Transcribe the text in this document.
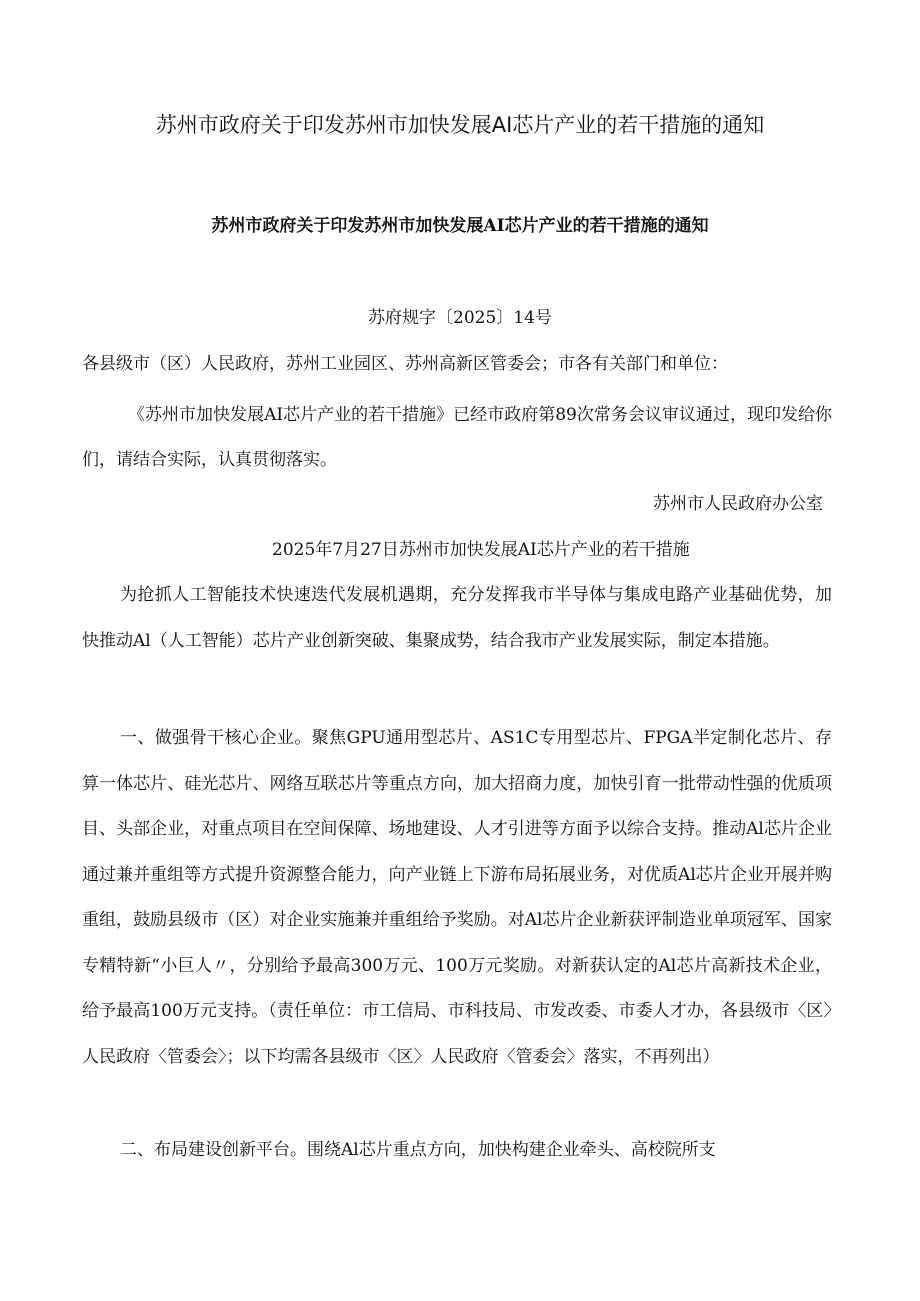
苏州市政府关于印发苏州市加快发展AI芯片产业的若干措施的通知
苏州市政府关于印发苏州市加快发展AI芯片产业的若干措施的通知
苏府规字〔2025〕14号
各县级市（区）人民政府，苏州工业园区、苏州高新区管委会；市各有关部门和单位：

《苏州市加快发展AI芯片产业的若干措施》已经市政府第89次常务会议审议通过，现印发给你们，请结合实际，认真贯彻落实。

苏州市人民政府办公室
2025年7月27日苏州市加快发展AI芯片产业的若干措施

为抢抓人工智能技术快速迭代发展机遇期，充分发挥我市半导体与集成电路产业基础优势，加快推动Al（人工智能）芯片产业创新突破、集聚成势，结合我市产业发展实际，制定本措施。

一、做强骨干核心企业。聚焦GPU通用型芯片、AS1C专用型芯片、FPGA半定制化芯片、存算一体芯片、硅光芯片、网络互联芯片等重点方向，加大招商力度，加快引育一批带动性强的优质项目、头部企业，对重点项目在空间保障、场地建设、人才引进等方面予以综合支持。推动Al芯片企业通过兼并重组等方式提升资源整合能力，向产业链上下游布局拓展业务，对优质Al芯片企业开展并购重组，鼓励县级市（区）对企业实施兼并重组给予奖励。对Al芯片企业新获评制造业单项冠军、国家专精特新“小巨人〃，分别给予最高300万元、100万元奖励。对新获认定的Al芯片高新技术企业，给予最高100万元支持。（责任单位：市工信局、市科技局、市发改委、市委人才办，各县级市〈区〉人民政府〈管委会〉；以下均需各县级市〈区〉人民政府〈管委会〉落实，不再列出）

二、布局建设创新平台。围绕Al芯片重点方向，加快构建企业牵头、高校院所支
